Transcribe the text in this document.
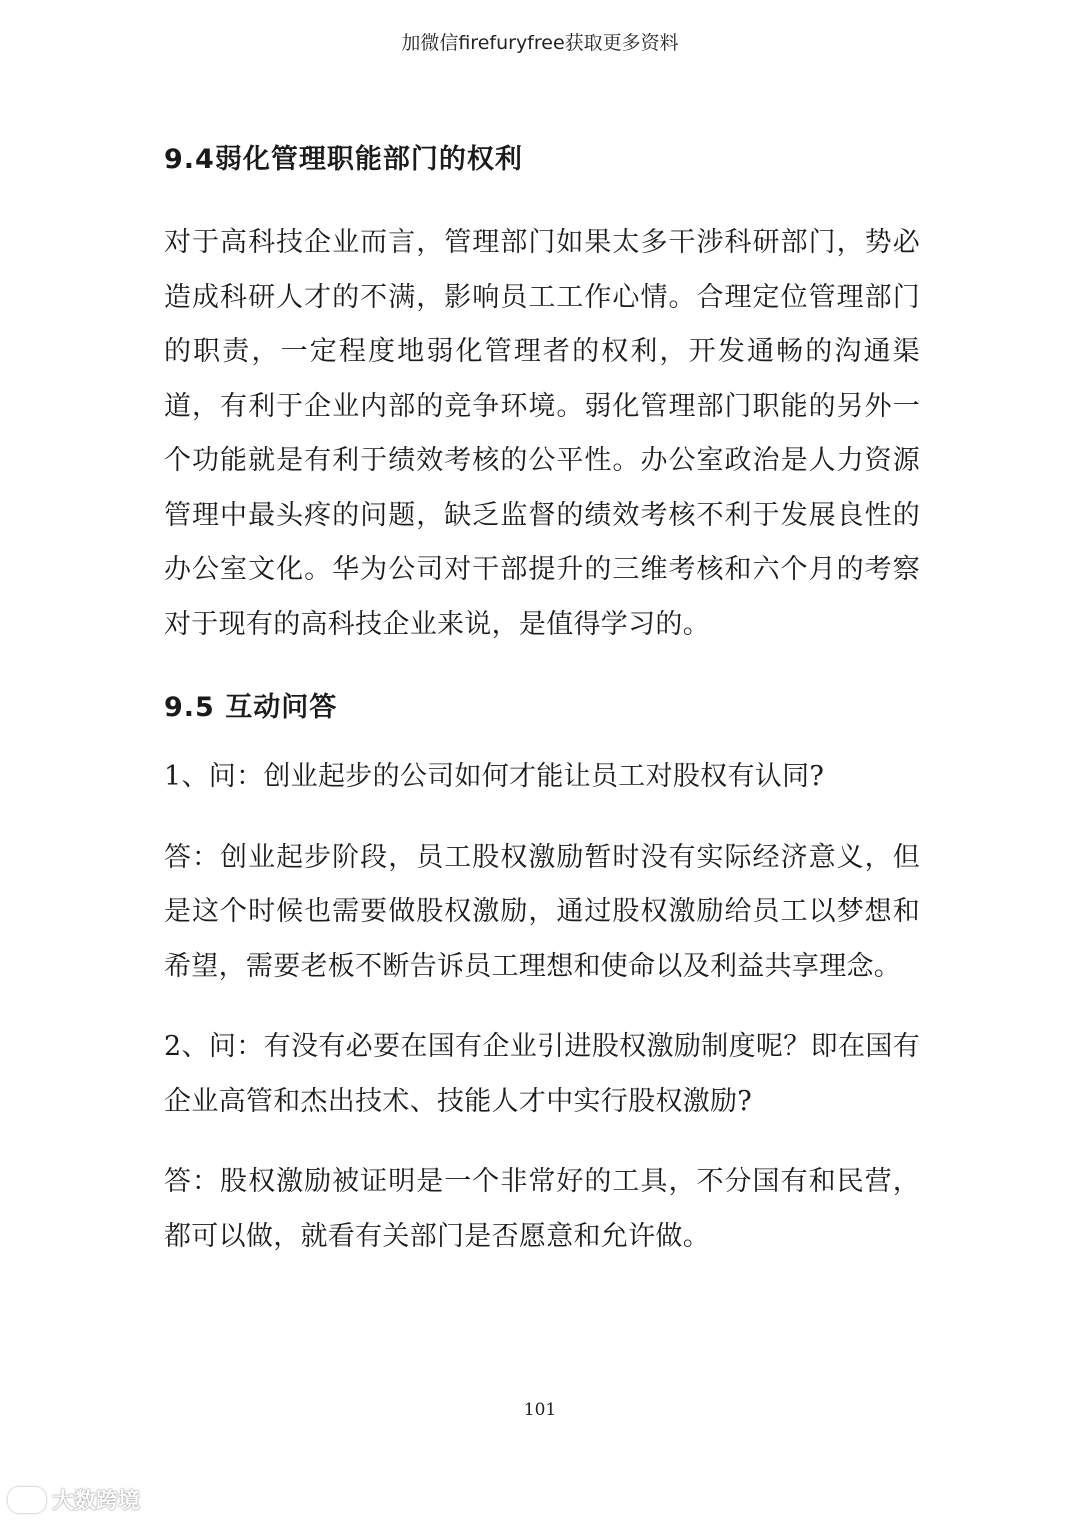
加微信firefuryfree获取更多资料
9.4弱化管理职能部门的权利

对于高科技企业而言，管理部门如果太多干涉科研部门，势必造成科研人才的不满，影响员工工作心情。合理定位管理部门的职责，一定程度地弱化管理者的权利，开发通畅的沟通渠道，有利于企业内部的竞争环境。弱化管理部门职能的另外一个功能就是有利于绩效考核的公平性。办公室政治是人力资源管理中最头疼的问题，缺乏监督的绩效考核不利于发展良性的办公室文化。华为公司对干部提升的三维考核和六个月的考察对于现有的高科技企业来说，是值得学习的。

9.5 互动问答

1、问：创业起步的公司如何才能让员工对股权有认同?

答：创业起步阶段，员工股权激励暂时没有实际经济意义，但是这个时候也需要做股权激励，通过股权激励给员工以梦想和希望，需要老板不断告诉员工理想和使命以及利益共享理念。

2、问：有没有必要在国有企业引进股权激励制度呢？即在国有企业高管和杰出技术、技能人才中实行股权激励?

答：股权激励被证明是一个非常好的工具，不分国有和民营，都可以做，就看有关部门是否愿意和允许做。

101
大数跨境
